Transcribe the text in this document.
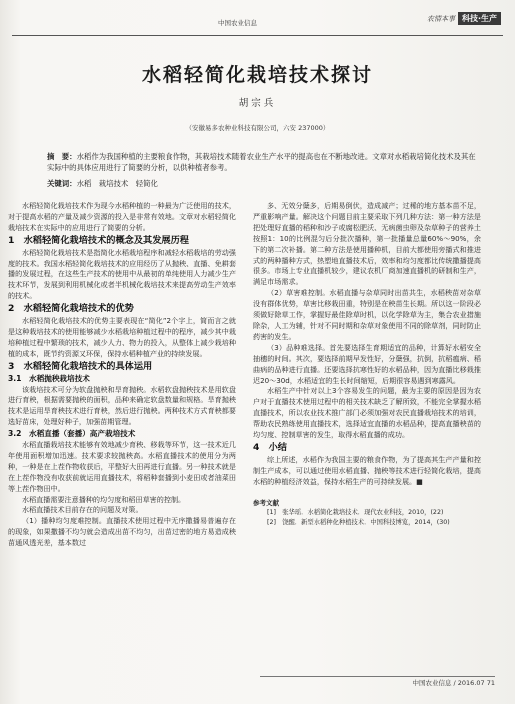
中国农业信息
农情本事 科技·生产
水稻轻简化栽培技术探讨
胡宗兵
（安徽易多农种业科技有限公司，六安 237000）
摘　要：水稻作为我国种植的主要粮食作物，其栽培技术随着农业生产水平的提高也在不断地改进。文章对水稻栽培简化技术及其在实际中的具体应用进行了简要的分析，以供种植者参考。
关键词：水稻　栽培技术　轻简化

水稻轻简化栽培技术作为现今水稻种植的一种最为广泛使用的技术，对于提高水稻的产量及减少资源的投入是非常有效地。文章对水稻轻简化栽培技术在实际中的应用进行了简要的分析。

1　水稻轻简化栽培技术的概念及其发展历程

水稻轻简化栽培技术是指简化水稻栽培程序和减轻水稻栽培的劳动强度的技术。我国水稻轻简化栽培技术的应用经历了从抛秧、直播、免耕套播的发展过程，在这些生产技术的使用中从最初的单纯使用人力减少生产技术环节，发展到利用机械化或者半机械化栽培技术来提高劳动生产效率的技术。

2　水稻轻简化栽培技术的优势

水稻轻简化栽培技术的优势主要表现在“简化”2个字上，简而言之就是这种栽培技术的使用能够减少水稻栽培种植过程中的程序，减少其中栽培种植过程中繁琐的技术，减少人力、物力的投入，从整体上减少栽培种植的成本，既节约资源又环保，保持水稻种植产业的持续发展。

3　水稻轻简化栽培技术的具体运用
3.1　水稻抛秧栽培技术

该栽培技术可分为软盘抛秧和旱育抛秧。水稻软盘抛秧技术是用软盘进行育秧，根据需要抛秧的面积，品种来确定软盘数量和规格。旱育抛秧技术是运用旱育秧技术进行育秧，然后进行抛秧。两种技术方式育秧都要选好苗床，处理好种子，加强苗期管理。

3.2　水稻直播（套播）高产栽培技术

水稻直播栽培技术能够有效地减少育秧、移栽等环节，这一技术近几年使用面积增加迅速。技术要求较抛秧高。水稻直播技术的使用分为两种，一种是在上茬作物收获后，平整好大田再进行直播。另一种技术就是在上茬作物没有收获前就运用直播技术，将稻种套播到小麦田或者油菜田等上茬作物田中。

水稻直播需要注意播种的均匀度和稻田草害的控制。

水稻直播技术目前存在的问题及对策。

（1）播种均匀度难控制。直播技术使用过程中无序撒播易普遍存在的现象，如果撒播不均匀就会造成出苗不均匀，出苗过密的地方易造成秧苗通风透光差，基本数过

多、无效分蘖多，后期易倒伏，造成减产；过稀的地方基本苗不足，严重影响产量。解决这个问题目前主要采取下列几种方法：第一种方法是把处理好直播的稻种和沙子或腐松肥沃、无病菌虫卵及杂草种子的营养土按照1：10的比例混匀后分批次播种，第一批播量总量60%～90%，余下的第二次补播。第二种方法是使用播种机，目前大都使用旁播式和推进式的两种播种方式，热塑地直播技术后，效率和均匀度都比传统撒播提高很多。市场上专业直播机较少，建议农机厂商加速直播机的研制和生产，满足市场需求。

（2）草害难控制。水稻直播与杂草同时出苗共生，水稻秧苗对杂草没有群体优势，草害比移栽田重，特别是在秧苗生长期。所以这一阶段必须做好除草工作，掌握好最佳除草时机，以化学除草为主，集合农业措施除杂，人工为辅，针对不同时期和杂草对象使用不同的除草剂，同时防止药害的发生。

（3）品种难选择。首先要选择生育期适宜的品种，计算好水稻安全抽穗的时间。其次，要选择前期早发性好，分蘖强，抗倒，抗稻瘟病、稻曲病的品种进行直播。还要选择抗寒性好的水稻品种，因为直播比移栽推迟20～30d，水稻适宜的生长时间缩短，后期很容易遇到寒露风。

水稻生产中针对以上3个容易发生的问题，最为主要的原因是因为农户对于直播技术使用过程中的相关技术缺乏了解所致，不能完全掌握水稻直播技术，所以农业技术推广部门必须加强对农民直播栽培技术的培训，帮助农民熟练使用直播技术，选择适宜直播的水稻品种，提高直播秧苗的均匀度、控制草害的发生，取得水稻直播的成功。

4　小结

综上所述，水稻作为我国主要的粮食作物，为了提高其生产产量和控制生产成本，可以通过使用水稻直播、抛秧等技术进行轻简化栽培，提高水稻的种植经济效益，保持水稻生产的可持续发展。■

参考文献

[1]　张华瑶．水稻简化栽培技术．现代农业科技，2010，(22)

[2]　饶醒．新型水稻种化种植技术．中国科技博览，2014，(30)

中国农业信息 / 2016.07 71
